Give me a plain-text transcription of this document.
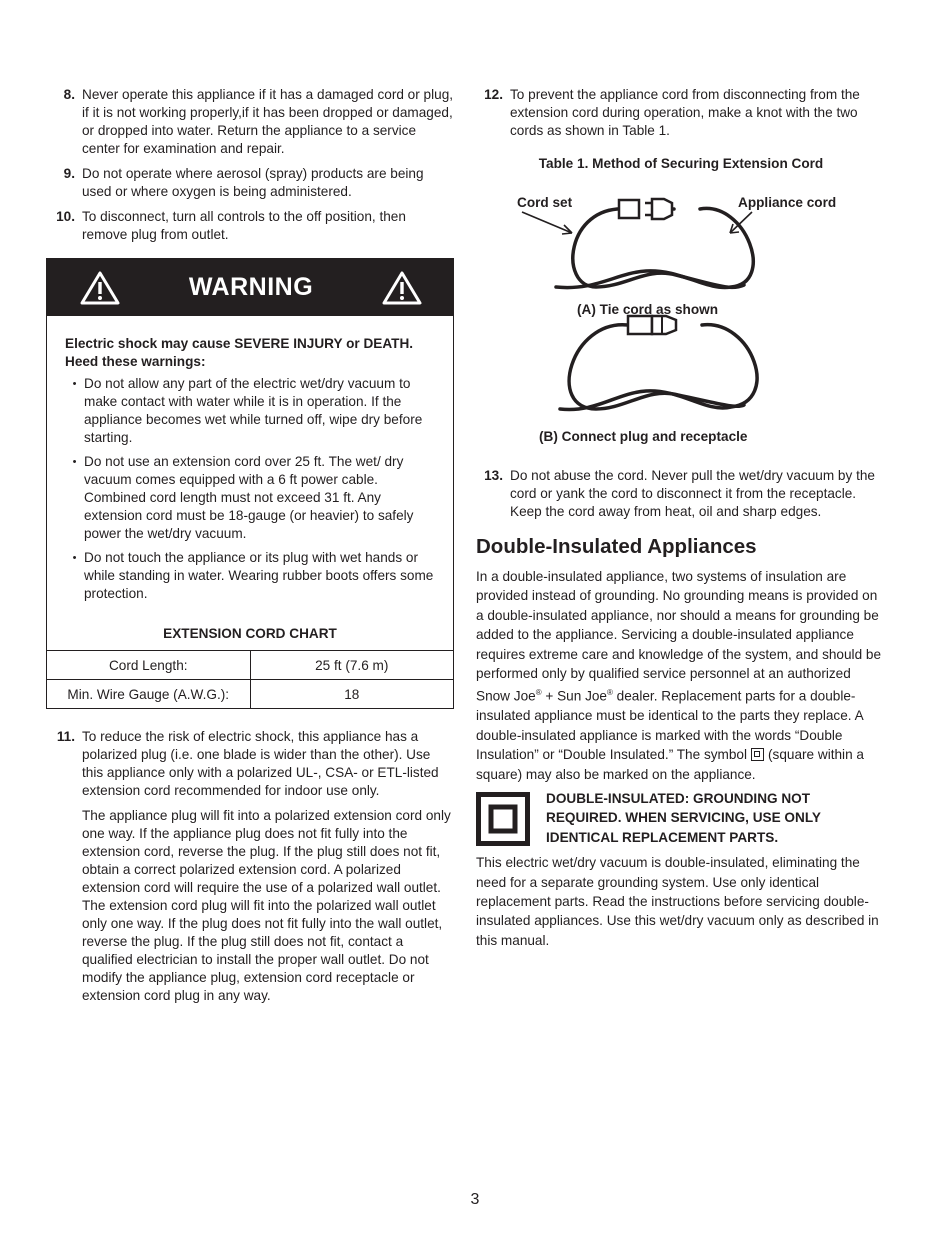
8. Never operate this appliance if it has a damaged cord or plug, if it is not working properly,if it has been dropped or damaged, or dropped into water. Return the appliance to a service center for examination and repair.
9. Do not operate where aerosol (spray) products are being used or where oxygen is being administered.
10. To disconnect, turn all controls to the off position, then remove plug from outlet.
WARNING
Electric shock may cause SEVERE INJURY or DEATH. Heed these warnings:
• Do not allow any part of the electric wet/dry vacuum to make contact with water while it is in operation. If the appliance becomes wet while turned off, wipe dry before starting.
• Do not use an extension cord over 25 ft. The wet/ dry vacuum comes equipped with a 6 ft power cable. Combined cord length must not exceed 31 ft. Any extension cord must be 18-gauge (or heavier) to safely power the wet/dry vacuum.
• Do not touch the appliance or its plug with wet hands or while standing in water. Wearing rubber boots offers some protection.
EXTENSION CORD CHART
Cord Length:	25 ft (7.6 m)
Min. Wire Gauge (A.W.G.):	18
11. To reduce the risk of electric shock, this appliance has a polarized plug (i.e. one blade is wider than the other). Use this appliance only with a polarized UL-, CSA- or ETL-listed extension cord recommended for indoor use only.

The appliance plug will fit into a polarized extension cord only one way. If the appliance plug does not fit fully into the extension cord, reverse the plug. If the plug still does not fit, obtain a correct polarized extension cord. A polarized extension cord will require the use of a polarized wall outlet. The extension cord plug will fit into the polarized wall outlet only one way. If the plug does not fit fully into the wall outlet, reverse the plug. If the plug still does not fit, contact a qualified electrician to install the proper wall outlet. Do not modify the appliance plug, extension cord receptacle or extension cord plug in any way.

12. To prevent the appliance cord from disconnecting from the extension cord during operation, make a knot with the two cords as shown in Table 1.
Table 1. Method of Securing Extension Cord
Cord set	Appliance cord
(A) Tie cord as shown
(B) Connect plug and receptacle
13. Do not abuse the cord. Never pull the wet/dry vacuum by the cord or yank the cord to disconnect it from the receptacle. Keep the cord away from heat, oil and sharp edges.
Double-Insulated Appliances
In a double-insulated appliance, two systems of insulation are provided instead of grounding. No grounding means is provided on a double-insulated appliance, nor should a means for grounding be added to the appliance. Servicing a double-insulated appliance requires extreme care and knowledge of the system, and should be performed only by qualified service personnel at an authorized Snow Joe® + Sun Joe® dealer. Replacement parts for a double-insulated appliance must be identical to the parts they replace. A double-insulated appliance is marked with the words “Double Insulation” or “Double Insulated.” The symbol (square within a square) may also be marked on the appliance.
DOUBLE-INSULATED: GROUNDING NOT REQUIRED. WHEN SERVICING, USE ONLY IDENTICAL REPLACEMENT PARTS.
This electric wet/dry vacuum is double-insulated, eliminating the need for a separate grounding system. Use only identical replacement parts. Read the instructions before servicing double-insulated appliances. Use this wet/dry vacuum only as described in this manual.
3
